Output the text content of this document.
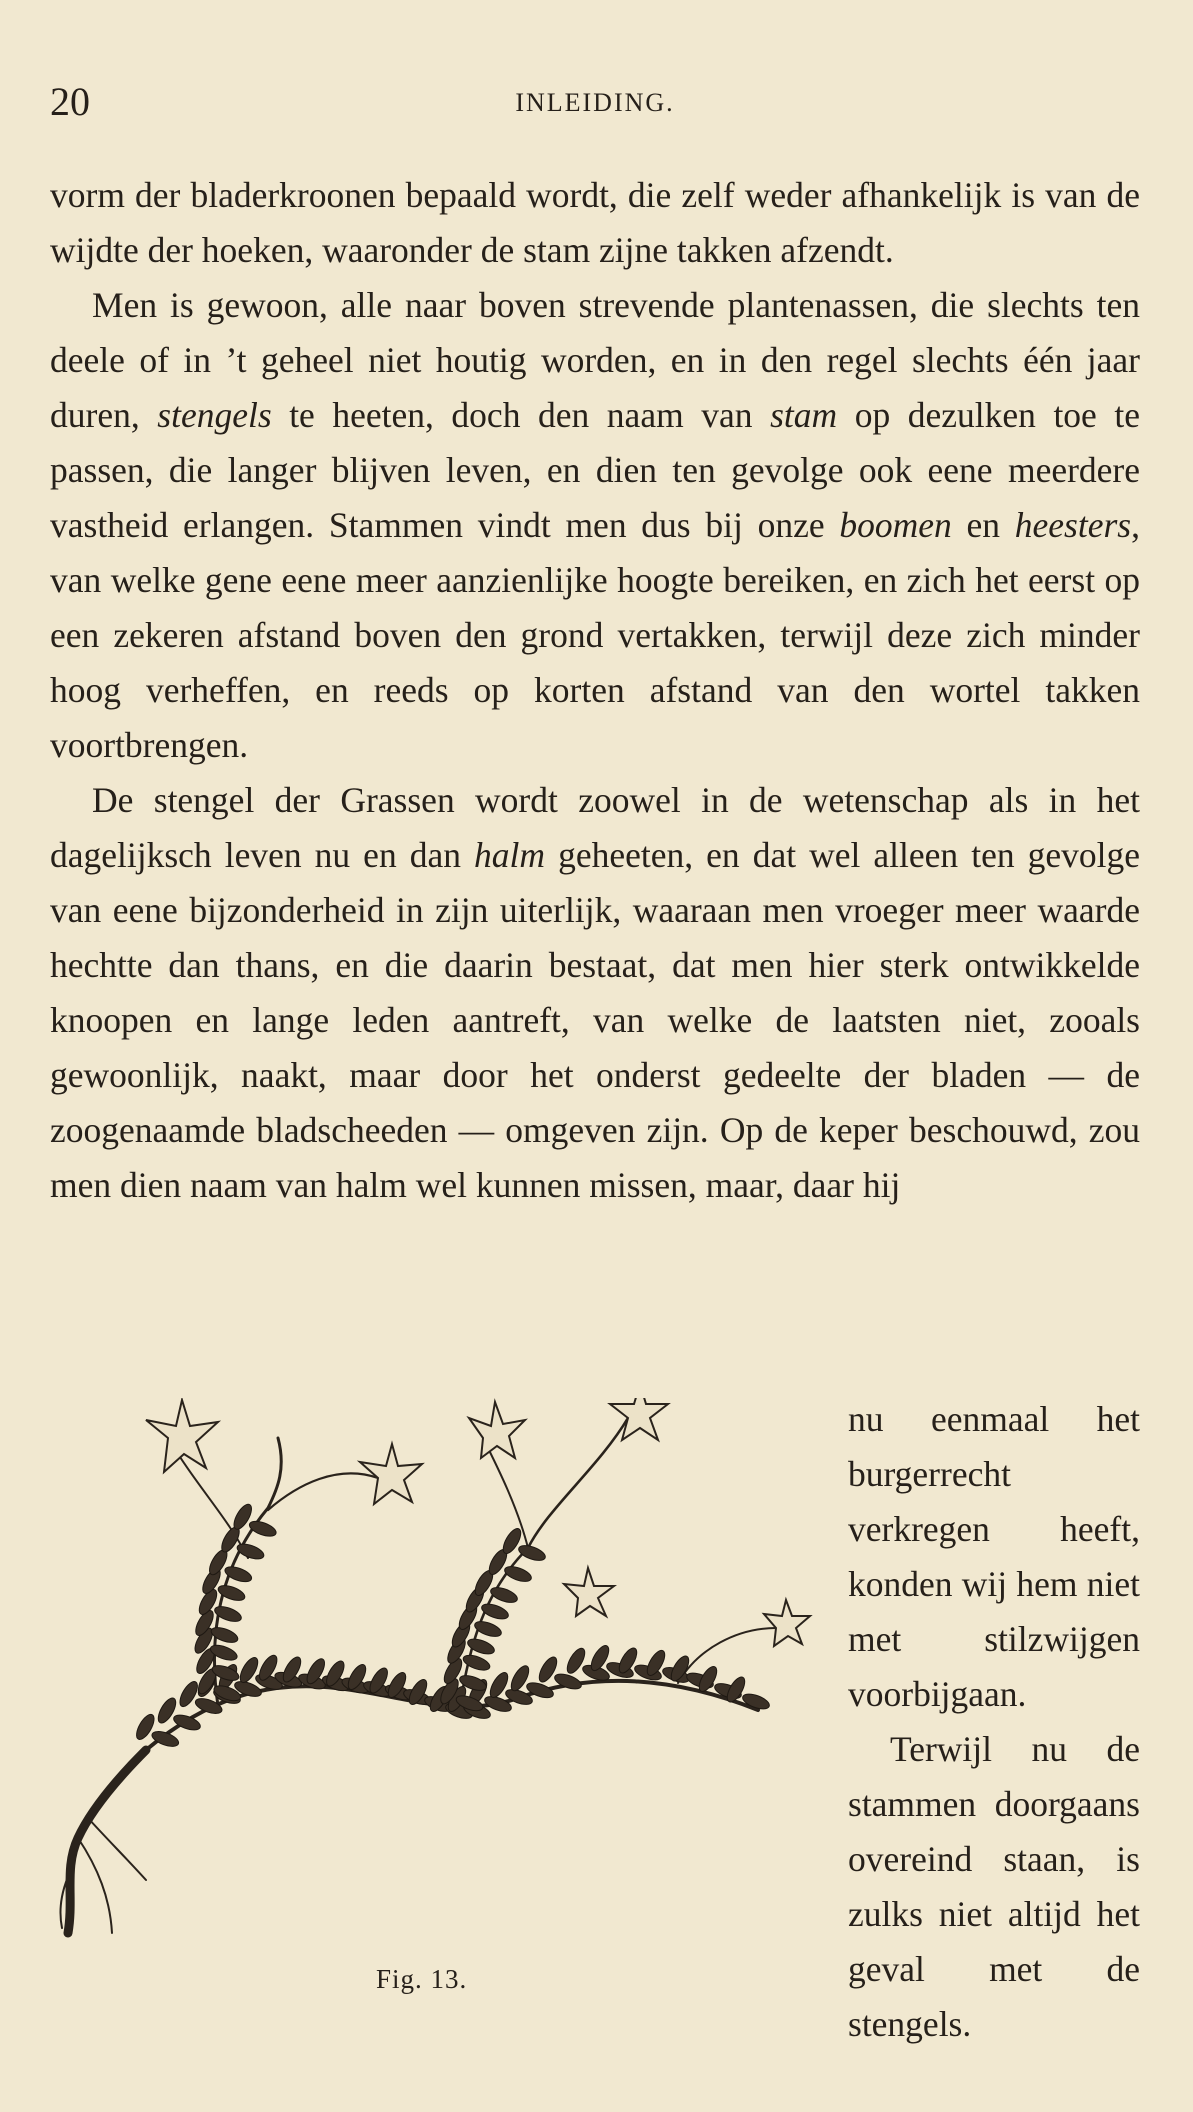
20	INLEIDING.

vorm der bladerkroonen bepaald wordt, die zelf weder afhankelijk is van de wijdte der hoeken, waaronder de stam zijne takken afzendt.

Men is gewoon, alle naar boven strevende plantenassen, die slechts ten deele of in ’t geheel niet houtig worden, en in den regel slechts één jaar duren, stengels te heeten, doch den naam van stam op dezulken toe te passen, die langer blijven leven, en dien ten gevolge ook eene meerdere vastheid erlangen. Stammen vindt men dus bij onze boomen en heesters, van welke gene eene meer aanzienlijke hoogte bereiken, en zich het eerst op een zekeren afstand boven den grond vertakken, terwijl deze zich minder hoog verheffen, en reeds op korten afstand van den wortel takken voortbrengen.

De stengel der Grassen wordt zoowel in de wetenschap als in het dagelijksch leven nu en dan halm geheeten, en dat wel alleen ten gevolge van eene bijzonderheid in zijn uiterlijk, waaraan men vroeger meer waarde hechtte dan thans, en die daarin bestaat, dat men hier sterk ontwikkelde knoopen en lange leden aantreft, van welke de laatsten niet, zooals gewoonlijk, naakt, maar door het onderst gedeelte der bladen — de zoogenaamde bladscheeden — omgeven zijn. Op de keper beschouwd, zou men dien naam van halm wel kunnen missen, maar, daar hij

Fig. 13.

nu eenmaal het burgerrecht verkregen heeft, konden wij hem niet met stilzwijgen voorbijgaan.

Terwijl nu de stammen doorgaans overeind staan, is zulks niet altijd het geval met de stengels.
